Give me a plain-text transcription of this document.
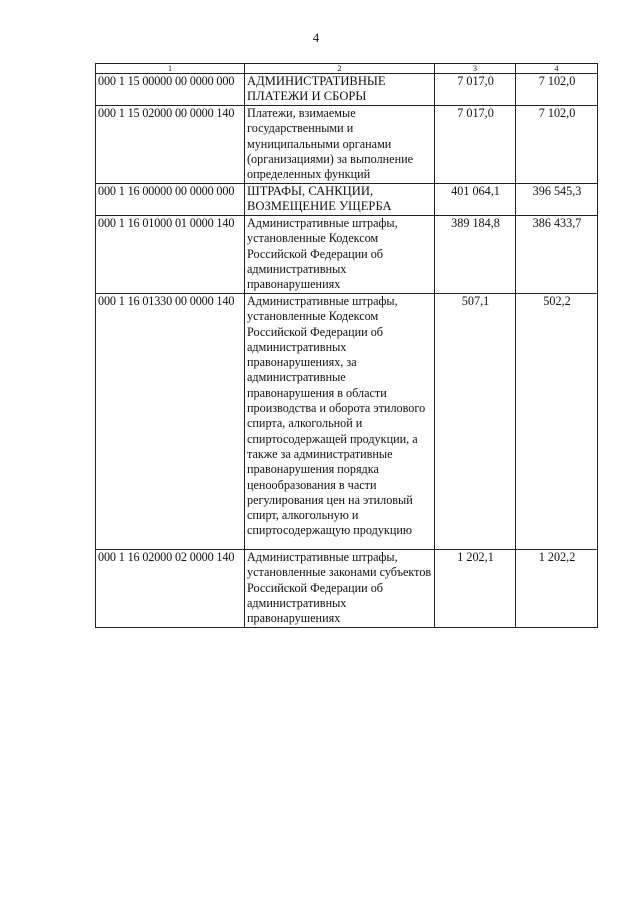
4
1	2	3	4
000 1 15 00000 00 0000 000	АДМИНИСТРАТИВНЫЕ ПЛАТЕЖИ И СБОРЫ	7 017,0	7 102,0
000 1 15 02000 00 0000 140	Платежи, взимаемые государственными и муниципальными органами (организациями) за выполнение определенных функций	7 017,0	7 102,0
000 1 16 00000 00 0000 000	ШТРАФЫ, САНКЦИИ, ВОЗМЕЩЕНИЕ УЩЕРБА	401 064,1	396 545,3
000 1 16 01000 01 0000 140	Административные штрафы, установленные Кодексом Российской Федерации об административных правонарушениях	389 184,8	386 433,7
000 1 16 01330 00 0000 140	Административные штрафы, установленные Кодексом Российской Федерации об административных правонарушениях, за административные правонарушения в области производства и оборота этилового спирта, алкогольной и спиртосодержащей продукции, а также за административные правонарушения порядка ценообразования в части регулирования цен на этиловый спирт, алкогольную и спиртосодержащую продукцию	507,1	502,2
000 1 16 02000 02 0000 140	Административные штрафы, установленные законами субъектов Российской Федерации об административных правонарушениях	1 202,1	1 202,2
